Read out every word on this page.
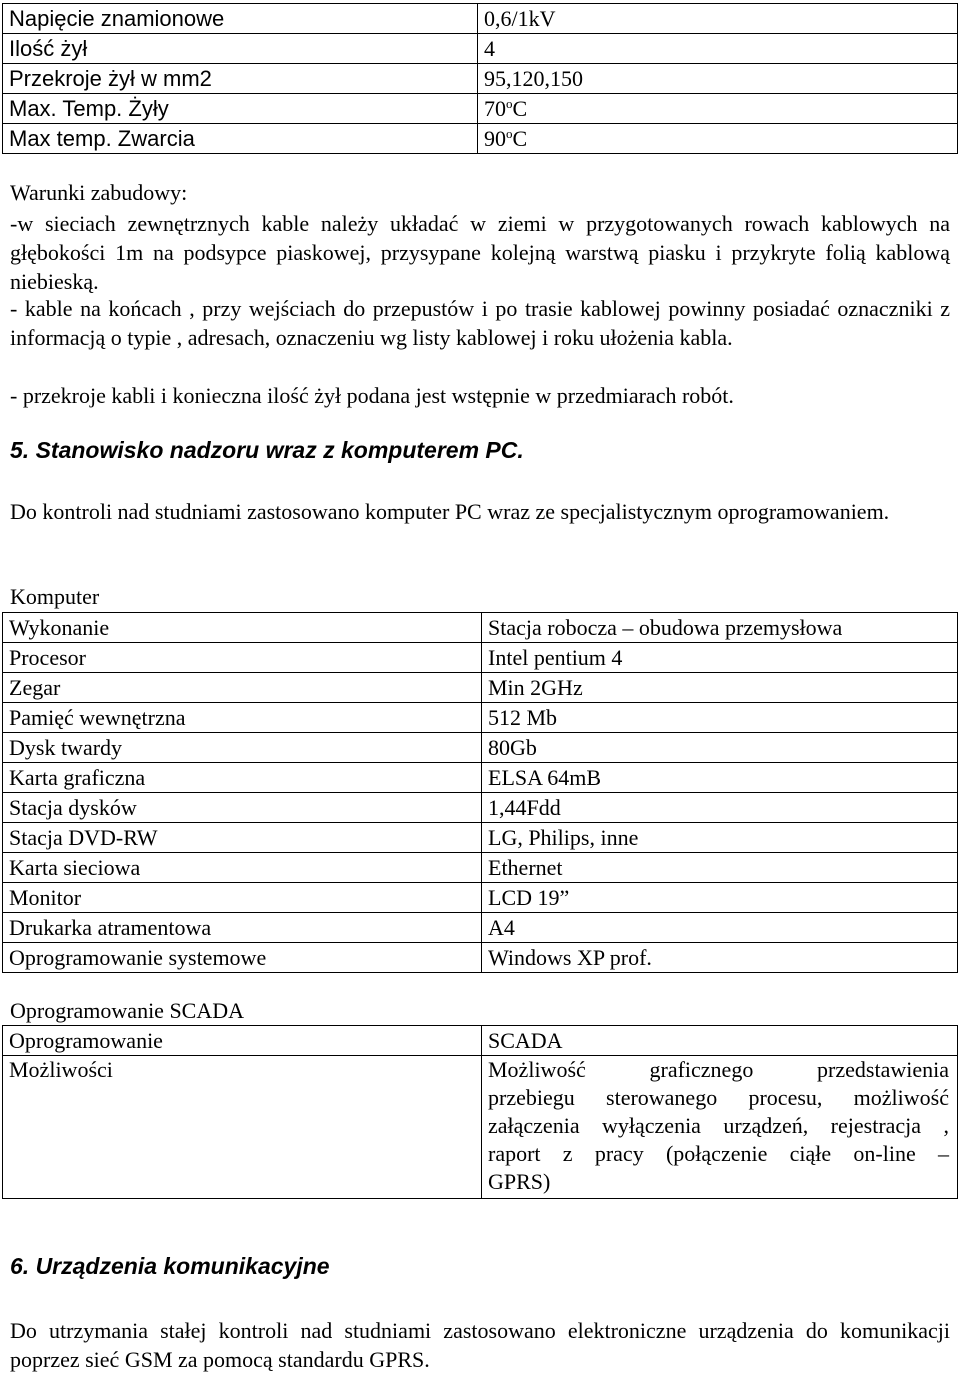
Napięcie znamionowe	0,6/1kV
Ilość żył	4
Przekroje żył w mm2	95,120,150
Max. Temp. Żyły	70$^o$C
Max temp. Zwarcia	90$^o$C
Warunki zabudowy:
-w sieciach zewnętrznych kable należy układać w ziemi w przygotowanych rowach kablowych na głębokości 1m na podsypce piaskowej, przysypane kolejną warstwą piasku i przykryte folią kablową niebieską.
- kable na końcach , przy wejściach do przepustów i po trasie kablowej powinny posiadać oznaczniki z informacją o typie , adresach, oznaczeniu wg listy kablowej i roku ułożenia kabla.
- przekroje kabli i konieczna ilość żył podana jest wstępnie w przedmiarach robót.
5. Stanowisko nadzoru wraz z komputerem PC.
Do kontroli nad studniami zastosowano komputer PC wraz ze specjalistycznym oprogramowaniem.
Komputer
Wykonanie	Stacja robocza – obudowa przemysłowa
Procesor	Intel pentium 4
Zegar	Min 2GHz
Pamięć wewnętrzna	512 Mb
Dysk twardy	80Gb
Karta graficzna	ELSA 64mB
Stacja dysków	1,44Fdd
Stacja DVD-RW	LG, Philips, inne
Karta sieciowa	Ethernet
Monitor	LCD 19”
Drukarka atramentowa	A4
Oprogramowanie systemowe	Windows XP prof.
Oprogramowanie SCADA
Oprogramowanie	SCADA
Możliwości	Możliwość graficznego przedstawienia
przebiegu sterowanego procesu, możliwość
załączenia wyłączenia urządzeń, rejestracja ,
raport z pracy (połączenie ciąłe on-line –
GPRS)
6. Urządzenia komunikacyjne
Do utrzymania stałej kontroli nad studniami zastosowano elektroniczne urządzenia do komunikacji poprzez sieć GSM za pomocą standardu GPRS.
